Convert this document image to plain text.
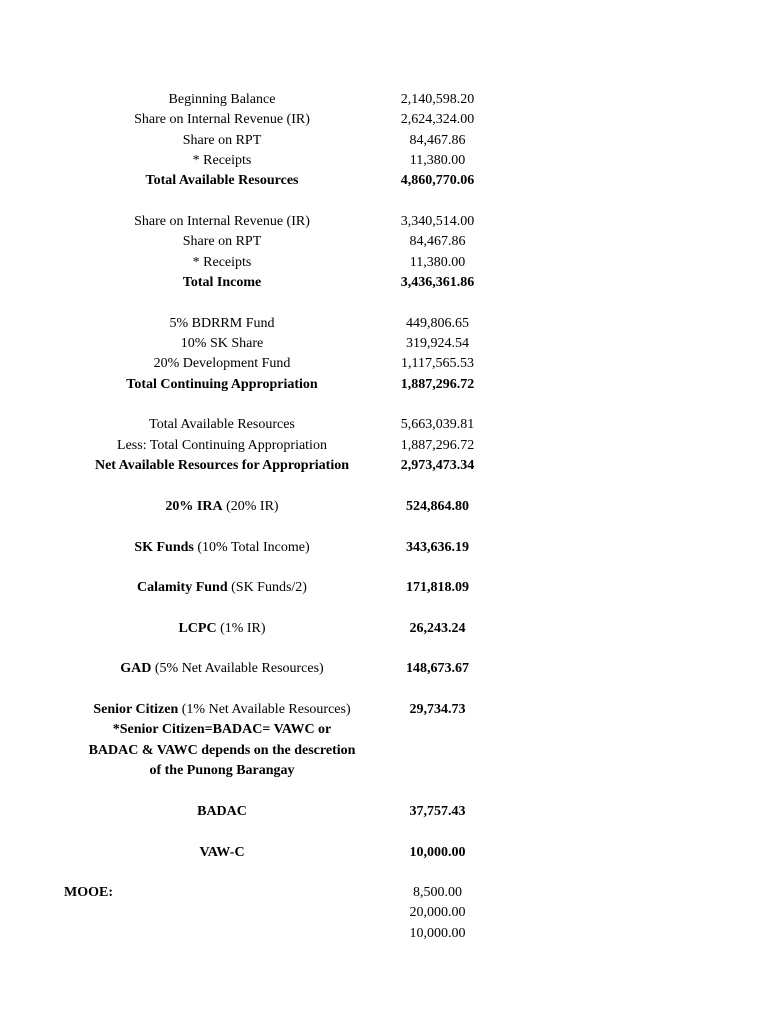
Beginning Balance	2,140,598.20
Share on Internal Revenue (IR)	2,624,324.00
Share on RPT	84,467.86
* Receipts	11,380.00
Total Available Resources	4,860,770.06
Share on Internal Revenue (IR)	3,340,514.00
Share on RPT	84,467.86
* Receipts	11,380.00
Total Income	3,436,361.86
5% BDRRM Fund	449,806.65
10% SK Share	319,924.54
20% Development Fund	1,117,565.53
Total Continuing Appropriation	1,887,296.72
Total Available Resources	5,663,039.81
Less: Total Continuing Appropriation	1,887,296.72
Net Available Resources for Appropriation	2,973,473.34
20% IRA (20% IR)	524,864.80
SK Funds (10% Total Income)	343,636.19
Calamity Fund (SK Funds/2)	171,818.09
LCPC (1% IR)	26,243.24
GAD (5% Net Available Resources)	148,673.67
Senior Citizen (1% Net Available Resources)	29,734.73
*Senior Citizen=BADAC= VAWC or
BADAC & VAWC depends on the descretion
of the Punong Barangay
BADAC	37,757.43
VAW-C	10,000.00
MOOE:	8,500.00
20,000.00
10,000.00
